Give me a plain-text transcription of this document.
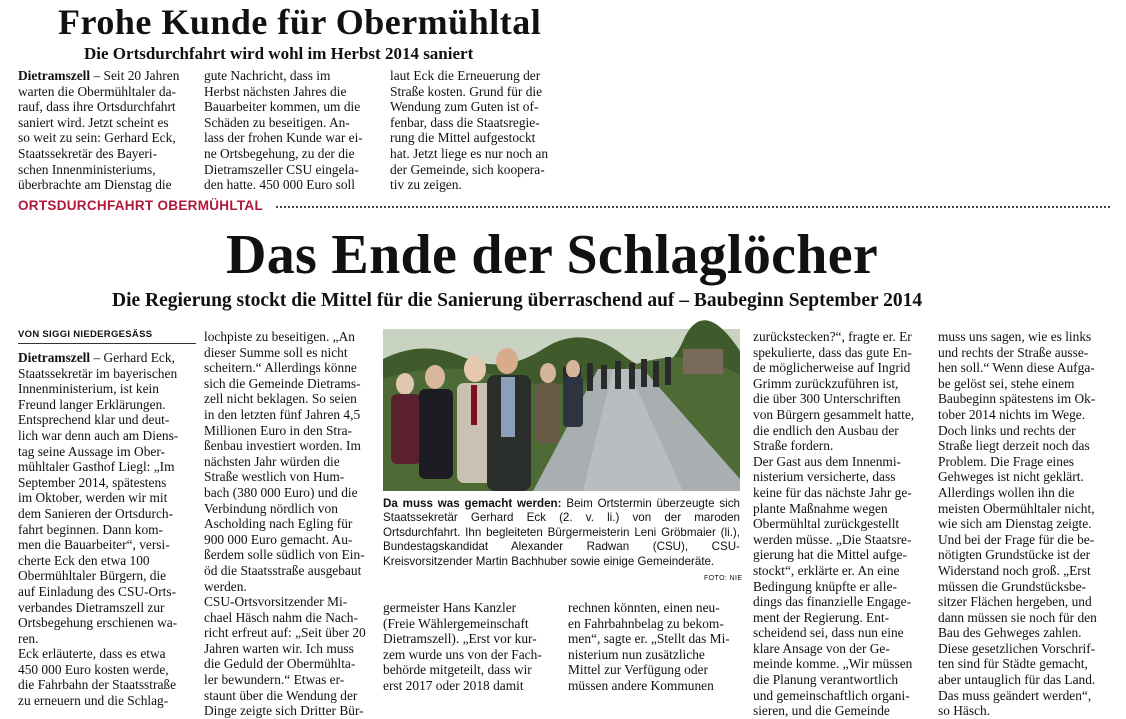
Frohe Kunde für Obermühltal
Die Ortsdurchfahrt wird wohl im Herbst 2014 saniert
Dietramszell – Seit 20 Jahren
warten die Obermühltaler da-
rauf, dass ihre Ortsdurchfahrt
saniert wird. Jetzt scheint es
so weit zu sein: Gerhard Eck,
Staatssekretär des Bayeri-
schen Innenministeriums,
überbrachte am Dienstag die
gute Nachricht, dass im
Herbst nächsten Jahres die
Bauarbeiter kommen, um die
Schäden zu beseitigen. An-
lass der frohen Kunde war ei-
ne Ortsbegehung, zu der die
Dietramszeller CSU eingela-
den hatte. 450 000 Euro soll
laut Eck die Erneuerung der
Straße kosten. Grund für die
Wendung zum Guten ist of-
fenbar, dass die Staatsregie-
rung die Mittel aufgestockt
hat. Jetzt liege es nur noch an
der Gemeinde, sich kooperа-
tiv zu zeigen.
ORTSDURCHFAHRT OBERMÜHLTAL
Das Ende der Schlaglöcher
Die Regierung stockt die Mittel für die Sanierung überraschend auf – Baubeginn September 2014
VON SIGGI NIEDERGESÄSS
Dietramszell – Gerhard Eck,
Staatssekretär im bayerischen
Innenministerium, ist kein
Freund langer Erklärungen.
Entsprechend klar und deut-
lich war denn auch am Diens-
tag seine Aussage im Ober-
mühltaler Gasthof Liegl: „Im
September 2014, spätestens
im Oktober, werden wir mit
dem Sanieren der Ortsdurch-
fahrt beginnen. Dann kom-
men die Bauarbeiter“, versi-
cherte Eck den etwa 100
Obermühltaler Bürgern, die
auf Einladung des CSU-Orts-
verbandes Dietramszell zur
Ortsbegehung erschienen wa-
ren.
Eck erläuterte, dass es etwa
450 000 Euro kosten werde,
die Fahrbahn der Staatsstraße
zu erneuern und die Schlag-
lochpiste zu beseitigen. „An
dieser Summe soll es nicht
scheitern.“ Allerdings könne
sich die Gemeinde Dietrams-
zell nicht beklagen. So seien
in den letzten fünf Jahren 4,5
Millionen Euro in den Stra-
ßenbau investiert worden. Im
nächsten Jahr würden die
Straße westlich von Hum-
bach (380 000 Euro) und die
Verbindung nördlich von
Ascholding nach Egling für
900 000 Euro gemacht. Au-
ßerdem solle südlich von Ein-
öd die Staatsstraße ausgebaut
werden.
CSU-Ortsvorsitzender Mi-
chael Häsch nahm die Nach-
richt erfreut auf: „Seit über 20
Jahren warten wir. Ich muss
die Geduld der Obermühlta-
ler bewundern.“ Etwas er-
staunt über die Wendung der
Dinge zeigte sich Dritter Bür-
Da muss was gemacht werden: Beim Ortstermin überzeugte sich Staatssekretär Gerhard Eck (2. v. li.) von der maroden Ortsdurchfahrt. Ihn begleiteten Bürgermeisterin Leni Gröbmaier (li.), Bundestagskandidat Alexander Radwan (CSU), CSU-Kreisvorsitzender Martin Bachhuber sowie einige Gemeinderäte.
FOTO: NIE
germeister Hans Kanzler
(Freie Wählergemeinschaft
Dietramszell). „Erst vor kur-
zem wurde uns von der Fach-
behörde mitgeteilt, dass wir
erst 2017 oder 2018 damit
rechnen könnten, einen neu-
en Fahrbahnbelag zu bekom-
men“, sagte er. „Stellt das Mi-
nisterium nun zusätzliche
Mittel zur Verfügung oder
müssen andere Kommunen
zurückstecken?“, fragte er. Er
spekulierte, dass das gute En-
de möglicherweise auf Ingrid
Grimm zurückzuführen ist,
die über 300 Unterschriften
von Bürgern gesammelt hatte,
die endlich den Ausbau der
Straße fordern.
Der Gast aus dem Innenmi-
nisterium versicherte, dass
keine für das nächste Jahr ge-
plante Maßnahme wegen
Obermühltal zurückgestellt
werden müsse. „Die Staatsre-
gierung hat die Mittel aufge-
stockt“, erklärte er. An eine
Bedingung knüpfte er alle-
dings das finanzielle Engage-
ment der Regierung. Ent-
scheidend sei, dass nun eine
klare Ansage von der Ge-
meinde komme. „Wir müssen
die Planung verantwortlich
und gemeinschaftlich organi-
sieren, und die Gemeinde
muss uns sagen, wie es links
und rechts der Straße ausse-
hen soll.“ Wenn diese Aufga-
be gelöst sei, stehe einem
Baubeginn spätestens im Ok-
tober 2014 nichts im Wege.
Doch links und rechts der
Straße liegt derzeit noch das
Problem. Die Frage eines
Gehweges ist nicht geklärt.
Allerdings wollen ihn die
meisten Obermühltaler nicht,
wie sich am Dienstag zeigte.
Und bei der Frage für die be-
nötigten Grundstücke ist der
Widerstand noch groß. „Erst
müssen die Grundstücksbe-
sitzer Flächen hergeben, und
dann müssen sie noch für den
Bau des Gehweges zahlen.
Diese gesetzlichen Vorschrif-
ten sind für Städte gemacht,
aber untauglich für das Land.
Das muss geändert werden“,
so Häsch.
